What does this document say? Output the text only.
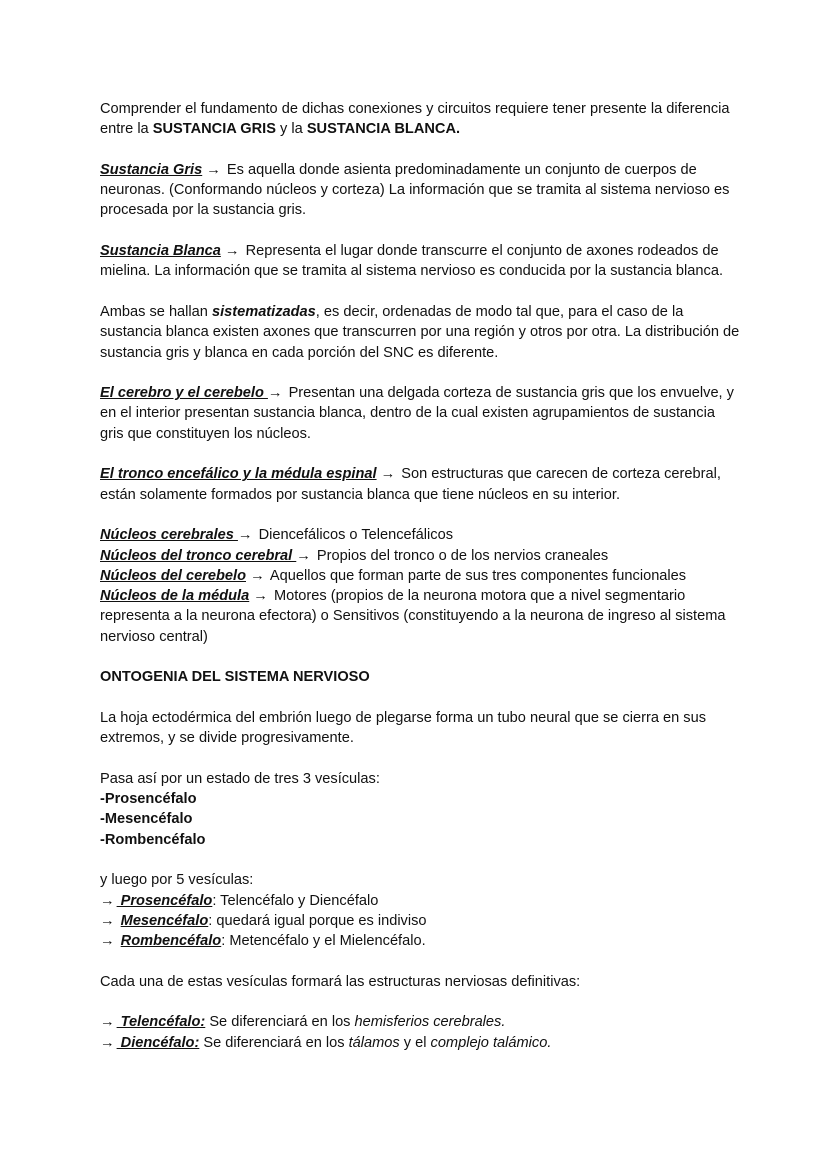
Comprender el fundamento de dichas conexiones y circuitos requiere tener presente la diferencia entre la SUSTANCIA GRIS y la SUSTANCIA BLANCA.

Sustancia Gris → Es aquella donde asienta predominadamente un conjunto de cuerpos de neuronas. (Conformando núcleos y corteza) La información que se tramita al sistema nervioso es procesada por la sustancia gris.

Sustancia Blanca → Representa el lugar donde transcurre el conjunto de axones rodeados de mielina. La información que se tramita al sistema nervioso es conducida por la sustancia blanca.

Ambas se hallan sistematizadas, es decir, ordenadas de modo tal que, para el caso de la sustancia blanca existen axones que transcurren por una región y otros por otra. La distribución de sustancia gris y blanca en cada porción del SNC es diferente.

El cerebro y el cerebelo → Presentan una delgada corteza de sustancia gris que los envuelve, y en el interior presentan sustancia blanca, dentro de la cual existen agrupamientos de sustancia gris que constituyen los núcleos.

El tronco encefálico y la médula espinal → Son estructuras que carecen de corteza cerebral, están solamente formados por sustancia blanca que tiene núcleos en su interior.

Núcleos cerebrales → Diencefálicos o Telencefálicos

Núcleos del tronco cerebral → Propios del tronco o de los nervios craneales

Núcleos del cerebelo → Aquellos que forman parte de sus tres componentes funcionales

Núcleos de la médula → Motores (propios de la neurona motora que a nivel segmentario representa a la neurona efectora) o Sensitivos (constituyendo a la neurona de ingreso al sistema nervioso central)

ONTOGENIA DEL SISTEMA NERVIOSO

La hoja ectodérmica del embrión luego de plegarse forma un tubo neural que se cierra en sus extremos, y se divide progresivamente.

Pasa así por un estado de tres 3 vesículas:

-Prosencéfalo

-Mesencéfalo

-Rombencéfalo

y luego por 5 vesículas:

→ Prosencéfalo: Telencéfalo y Diencéfalo

→ Mesencéfalo: quedará igual porque es indiviso

→ Rombencéfalo: Metencéfalo y el Mielencéfalo.

Cada una de estas vesículas formará las estructuras nerviosas definitivas:

→ Telencéfalo: Se diferenciará en los hemisferios cerebrales.

→ Diencéfalo: Se diferenciará en los tálamos y el complejo talámico.
